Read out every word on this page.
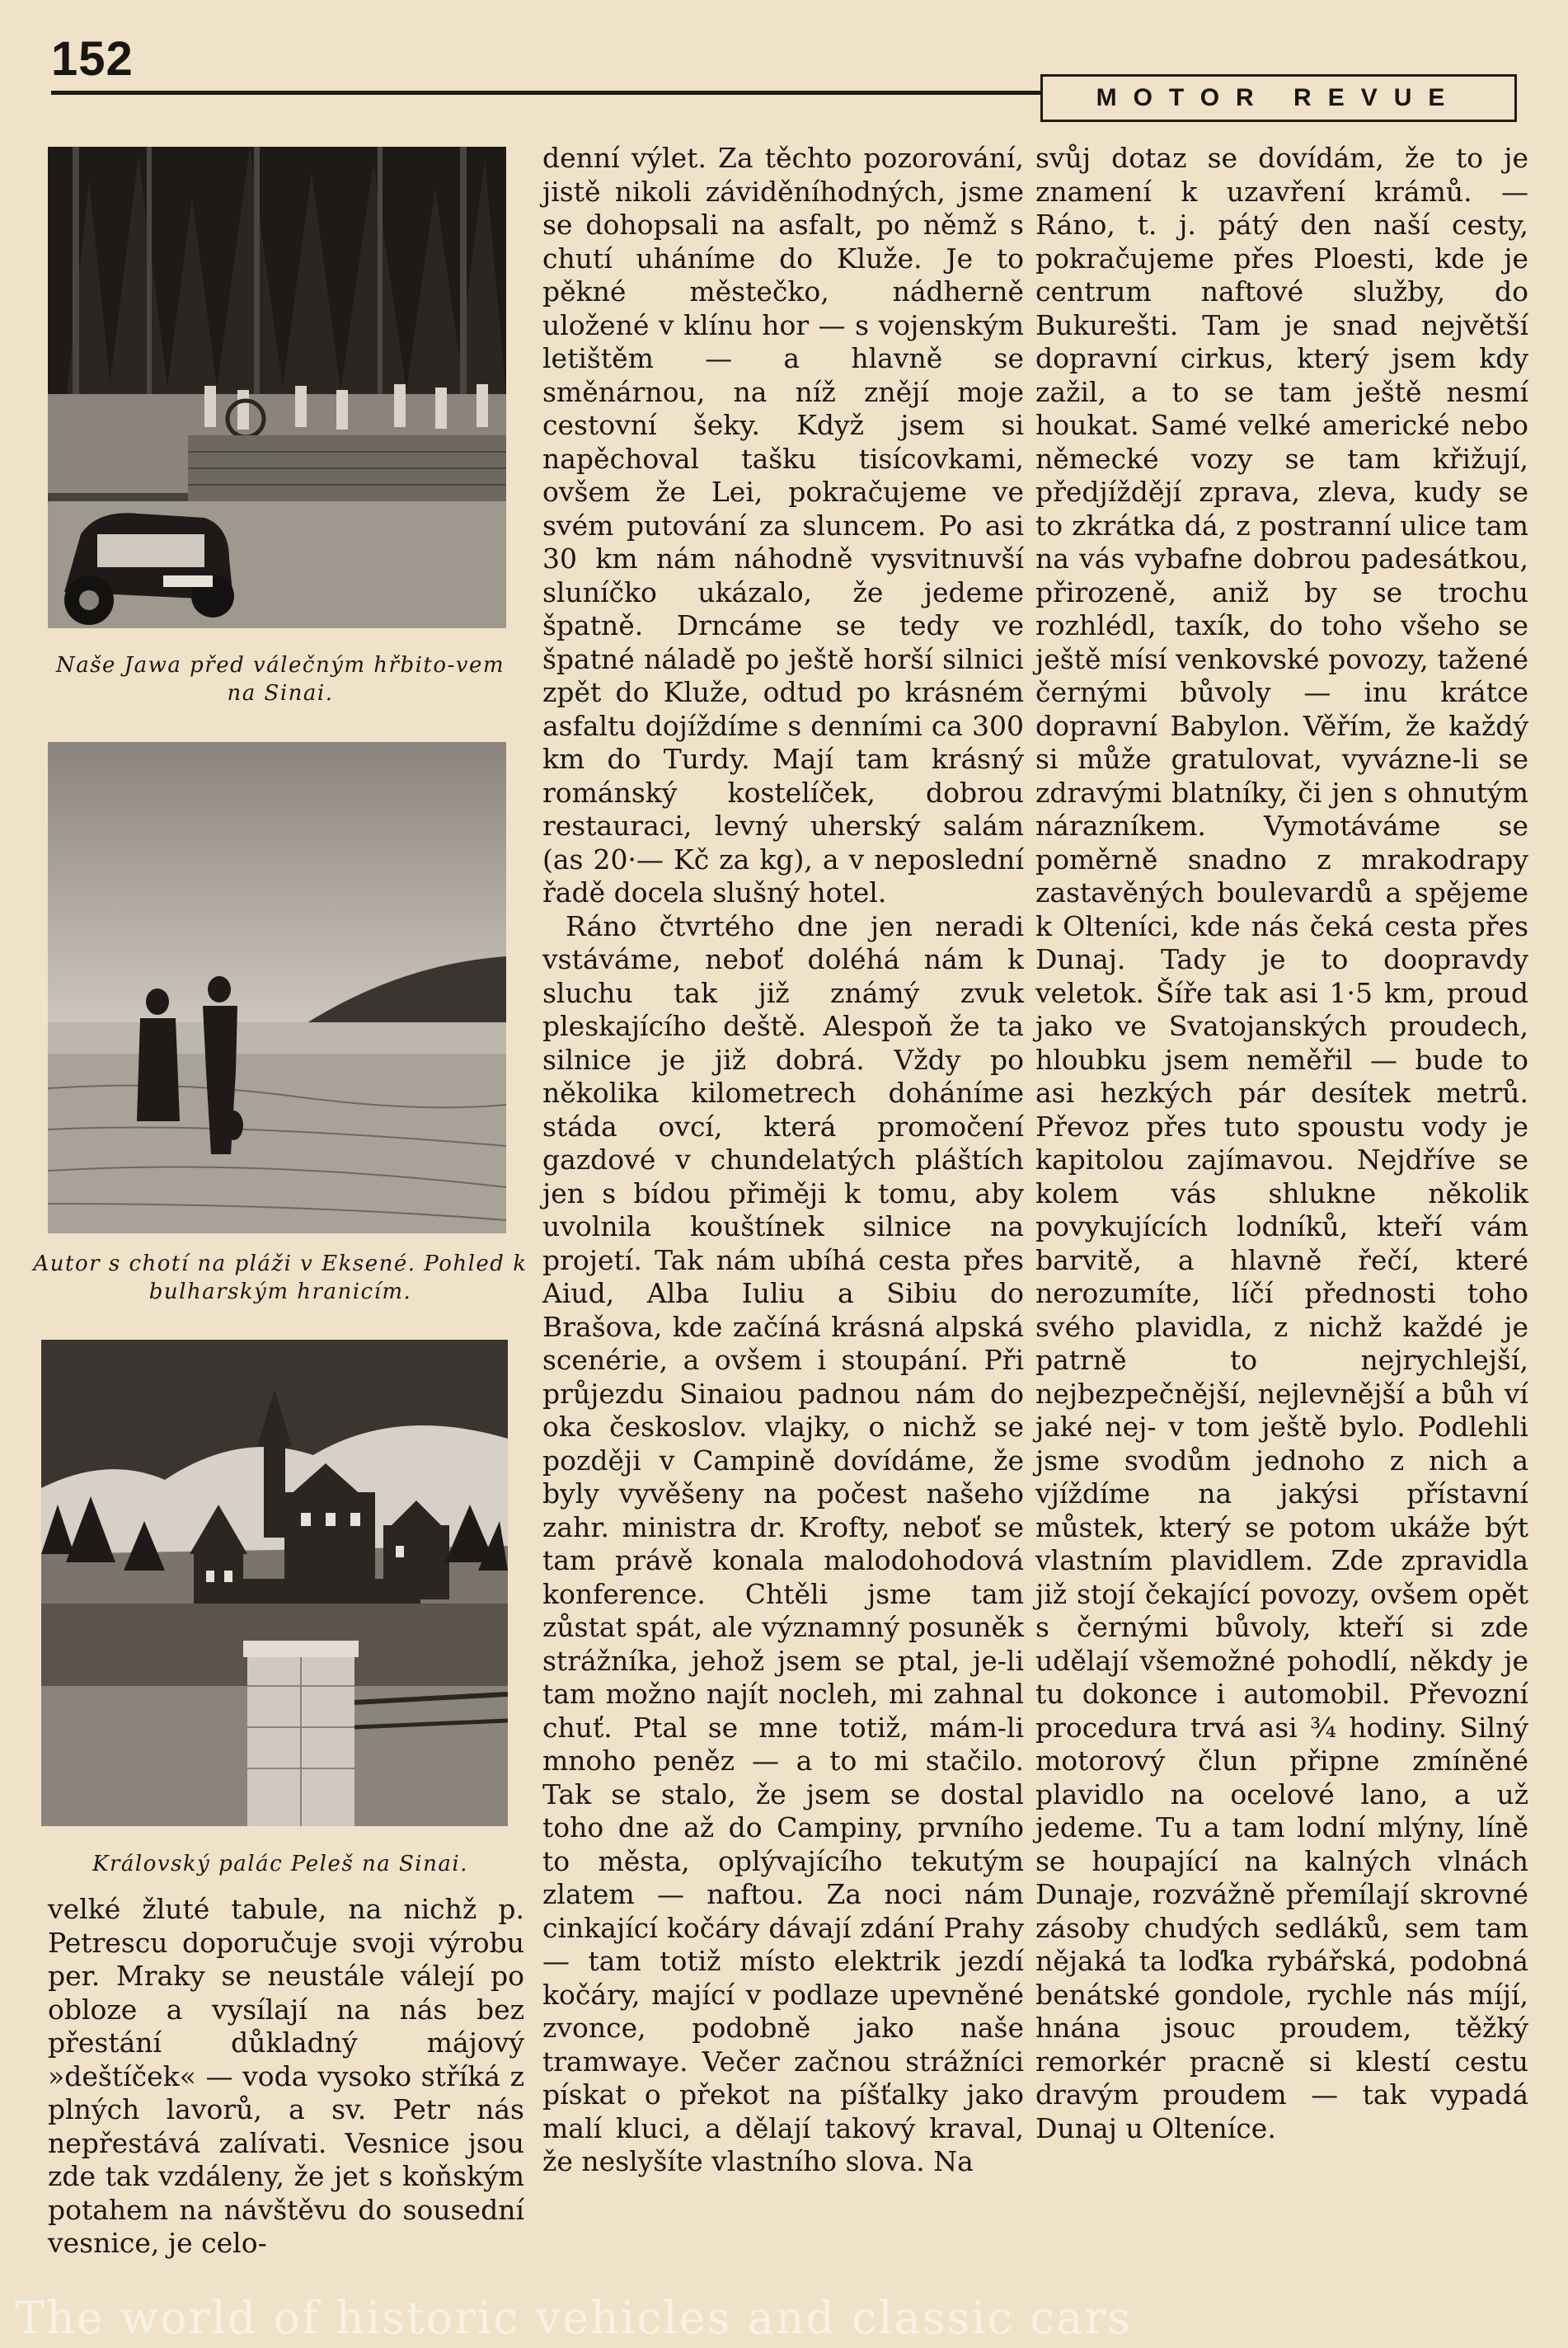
152
MOTOR REVUE
Naše Jawa před válečným hřbito-vem na Sinai.
Autor s chotí na pláži v Eksené. Pohled k bulharským hranicím.
Královský palác Peleš na Sinai.

velké žluté tabule, na nichž p. Petrescu doporučuje svoji výrobu per. Mraky se neustále válejí po obloze a vysílají na nás bez přestání důkladný májový »deštíček« — voda vysoko stříká z plných lavorů, a sv. Petr nás nepřestává zalívati. Vesnice jsou zde tak vzdáleny, že jet s koňským potahem na návštěvu do sousední vesnice, je celo-

denní výlet. Za těchto pozorování, jistě nikoli záviděníhodných, jsme se dohopsali na asfalt, po němž s chutí uháníme do Kluže. Je to pěkné městečko, nádherně uložené v klínu hor — s vojenským letištěm — a hlavně se směnárnou, na níž znějí moje cestovní šeky. Když jsem si napěchoval tašku tisícovkami, ovšem že Lei, pokračujeme ve svém putování za sluncem. Po asi 30 km nám náhodně vysvitnuvší sluníčko ukázalo, že jedeme špatně. Drncáme se tedy ve špatné náladě po ještě horší silnici zpět do Kluže, odtud po krásném asfaltu dojíždíme s denními ca 300 km do Turdy. Mají tam krásný románský kostelíček, dobrou restauraci, levný uherský salám (as 20·— Kč za kg), a v neposlední řadě docela slušný hotel.

Ráno čtvrtého dne jen neradi vstáváme, neboť doléhá nám k sluchu tak již známý zvuk pleskajícího deště. Alespoň že ta silnice je již dobrá. Vždy po několika kilometrech doháníme stáda ovcí, která promočení gazdové v chundelatých pláštích jen s bídou přiměji k tomu, aby uvolnila kouštínek silnice na projetí. Tak nám ubíhá cesta přes Aiud, Alba Iuliu a Sibiu do Brašova, kde začíná krásná alpská scenérie, a ovšem i stoupání. Při průjezdu Sinaiou padnou nám do oka českoslov. vlajky, o nichž se později v Campině dovídáme, že byly vyvěšeny na počest našeho zahr. ministra dr. Krofty, neboť se tam právě konala malodohodová konference. Chtěli jsme tam zůstat spát, ale významný posuněk strážníka, jehož jsem se ptal, je-li tam možno najít nocleh, mi zahnal chuť. Ptal se mne totiž, mám-li mnoho peněz — a to mi stačilo. Tak se stalo, že jsem se dostal toho dne až do Campiny, prvního to města, oplývajícího tekutým zlatem — naftou. Za noci nám cinkající kočáry dávají zdání Prahy — tam totiž místo elektrik jezdí kočáry, mající v podlaze upevněné zvonce, podobně jako naše tramwaye. Večer začnou strážníci pískat o překot na píšťalky jako malí kluci, a dělají takový kraval, že neslyšíte vlastního slova. Na

svůj dotaz se dovídám, že to je znamení k uzavření krámů. — Ráno, t. j. pátý den naší cesty, pokračujeme přes Ploesti, kde je centrum naftové služby, do Bukurešti. Tam je snad největší dopravní cirkus, který jsem kdy zažil, a to se tam ještě nesmí houkat. Samé velké americké nebo německé vozy se tam křižují, předjíždějí zprava, zleva, kudy se to zkrátka dá, z postranní ulice tam na vás vybafne dobrou padesátkou, přirozeně, aniž by se trochu rozhlédl, taxík, do toho všeho se ještě mísí venkovské povozy, tažené černými bůvoly — inu krátce dopravní Babylon. Věřím, že každý si může gratulovat, vyvázne-li se zdravými blatníky, či jen s ohnutým nárazníkem. Vymotáváme se poměrně snadno z mrakodrapy zastavěných boulevardů a spějeme k Olteníci, kde nás čeká cesta přes Dunaj. Tady je to doopravdy veletok. Šíře tak asi 1·5 km, proud jako ve Svatojanských proudech, hloubku jsem neměřil — bude to asi hezkých pár desítek metrů. Převoz přes tuto spoustu vody je kapitolou zajímavou. Nejdříve se kolem vás shlukne několik povykujících lodníků, kteří vám barvitě, a hlavně řečí, které nerozumíte, líčí přednosti toho svého plavidla, z nichž každé je patrně to nejrychlejší, nejbezpečnější, nejlevnější a bůh ví jaké nej- v tom ještě bylo. Podlehli jsme svodům jednoho z nich a vjíždíme na jakýsi přístavní můstek, který se potom ukáže být vlastním plavidlem. Zde zpravidla již stojí čekající povozy, ovšem opět s černými bůvoly, kteří si zde udělají všemožné pohodlí, někdy je tu dokonce i automobil. Převozní procedura trvá asi ¾ hodiny. Silný motorový člun připne zmíněné plavidlo na ocelové lano, a už jedeme. Tu a tam lodní mlýny, líně se houpající na kalných vlnách Dunaje, rozvážně přemílají skrovné zásoby chudých sedláků, sem tam nějaká ta loďka rybářská, podobná benátské gondole, rychle nás míjí, hnána jsouc proudem, těžký remorkér pracně si klestí cestu dravým proudem — tak vypadá Dunaj u Olteníce.

The world of historic vehicles and classic cars
